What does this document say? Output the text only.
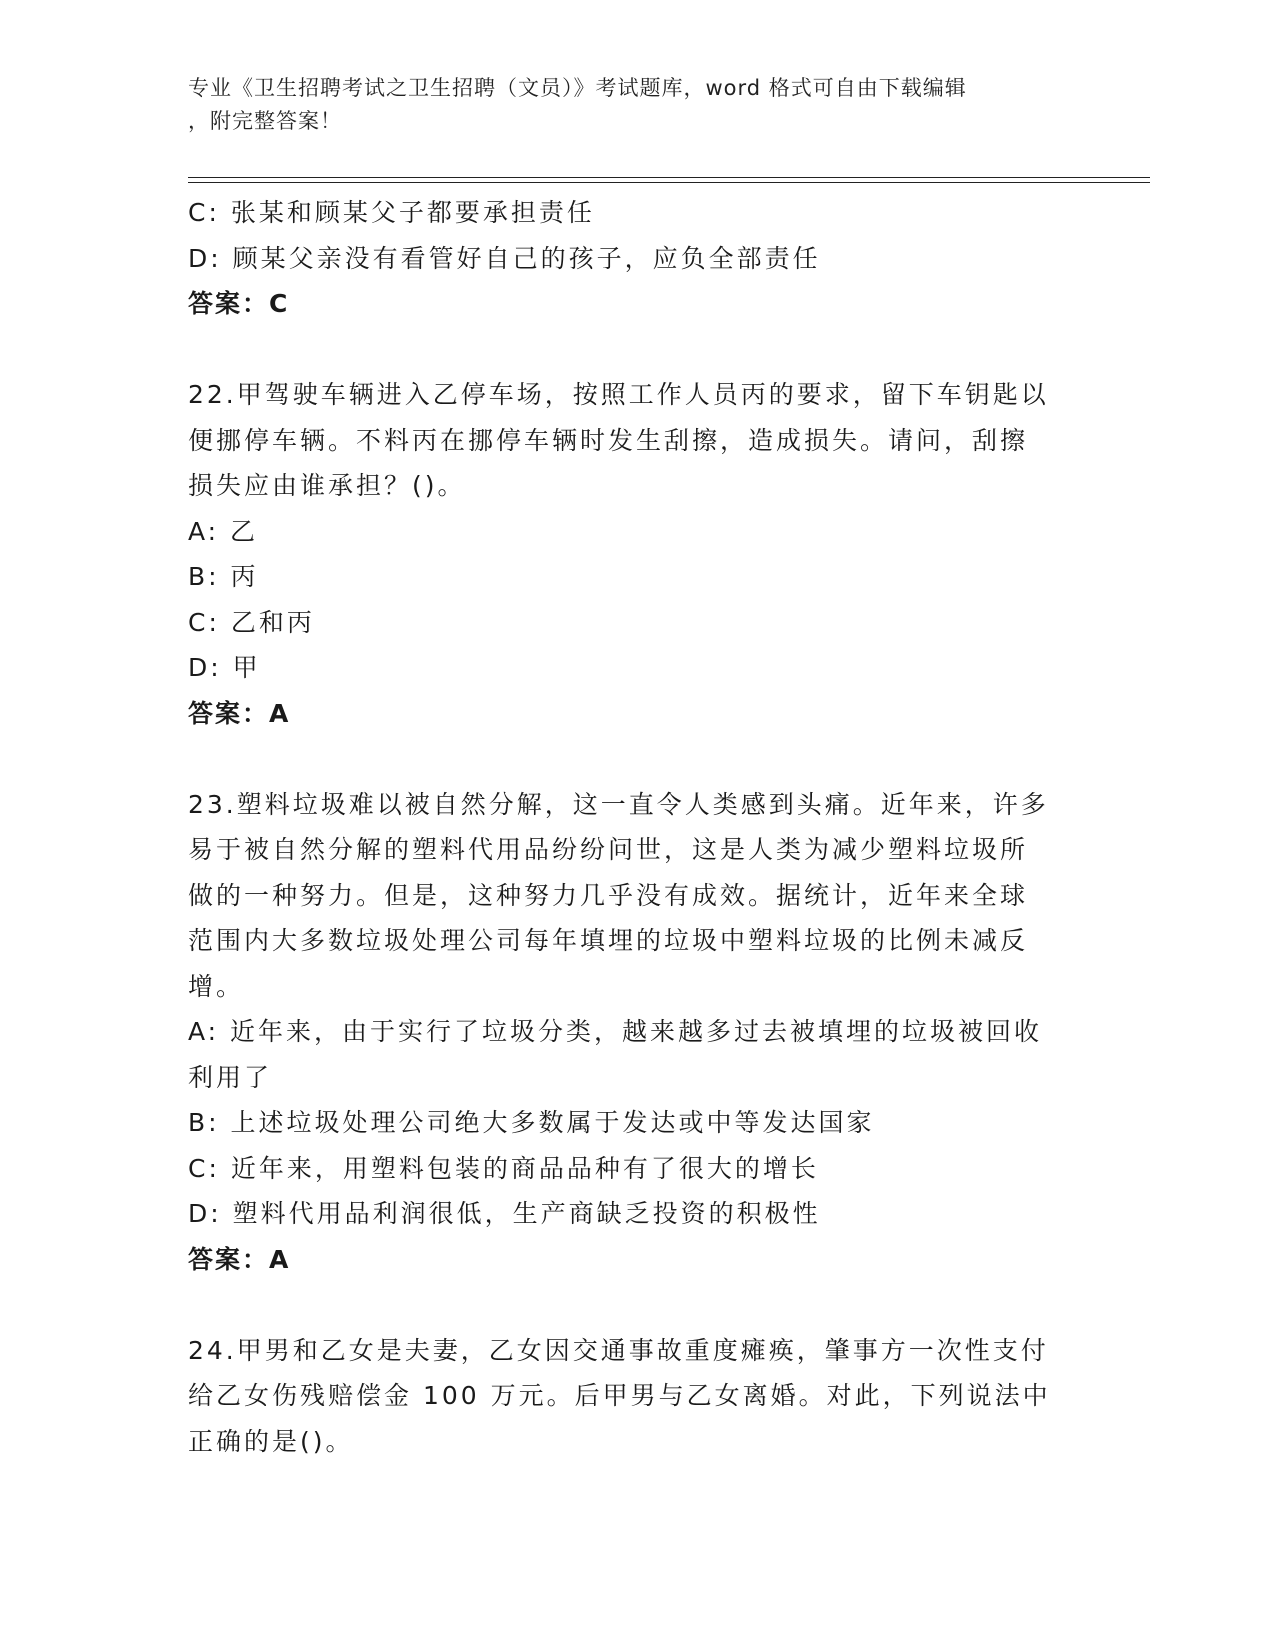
专业《卫生招聘考试之卫生招聘（文员）》考试题库，word 格式可自由下载编辑
，附完整答案！
C: 张某和顾某父子都要承担责任
D: 顾某父亲没有看管好自己的孩子，应负全部责任
答案：C
22.甲驾驶车辆进入乙停车场，按照工作人员丙的要求，留下车钥匙以
便挪停车辆。不料丙在挪停车辆时发生刮擦，造成损失。请问，刮擦
损失应由谁承担？()。
A: 乙
B: 丙
C: 乙和丙
D: 甲
答案：A
23.塑料垃圾难以被自然分解，这一直令人类感到头痛。近年来，许多
易于被自然分解的塑料代用品纷纷问世，这是人类为减少塑料垃圾所
做的一种努力。但是，这种努力几乎没有成效。据统计，近年来全球
范围内大多数垃圾处理公司每年填埋的垃圾中塑料垃圾的比例未减反
增。
A: 近年来，由于实行了垃圾分类，越来越多过去被填埋的垃圾被回收
利用了
B: 上述垃圾处理公司绝大多数属于发达或中等发达国家
C: 近年来，用塑料包装的商品品种有了很大的增长
D: 塑料代用品利润很低，生产商缺乏投资的积极性
答案：A
24.甲男和乙女是夫妻，乙女因交通事故重度瘫痪，肇事方一次性支付
给乙女伤残赔偿金 100 万元。后甲男与乙女离婚。对此，下列说法中
正确的是()。
